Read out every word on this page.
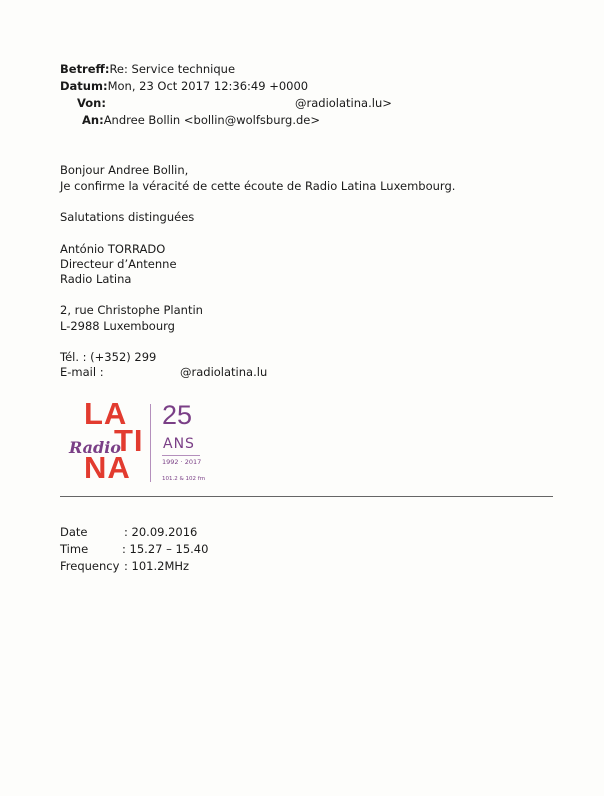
Betreff:Re: Service technique
Datum:Mon, 23 Oct 2017 12:36:49 +0000
Von:	@radiolatina.lu>
An:Andree Bollin <bollin@wolfsburg.de>
Bonjour Andree Bollin,
Je confirme la véracité de cette écoute de Radio Latina Luxembourg.
Salutations distinguées
António TORRADO
Directeur d’Antenne
Radio Latina
2, rue Christophe Plantin
L-2988 Luxembourg
Tél. : (+352) 299
E-mail :	@radiolatina.lu
LA
TI
NA
Radio
25
ANS
1992 · 2017
101.2 & 102 fm
Date	: 20.09.2016
Time	: 15.27 – 15.40
Frequency : 101.2MHz
